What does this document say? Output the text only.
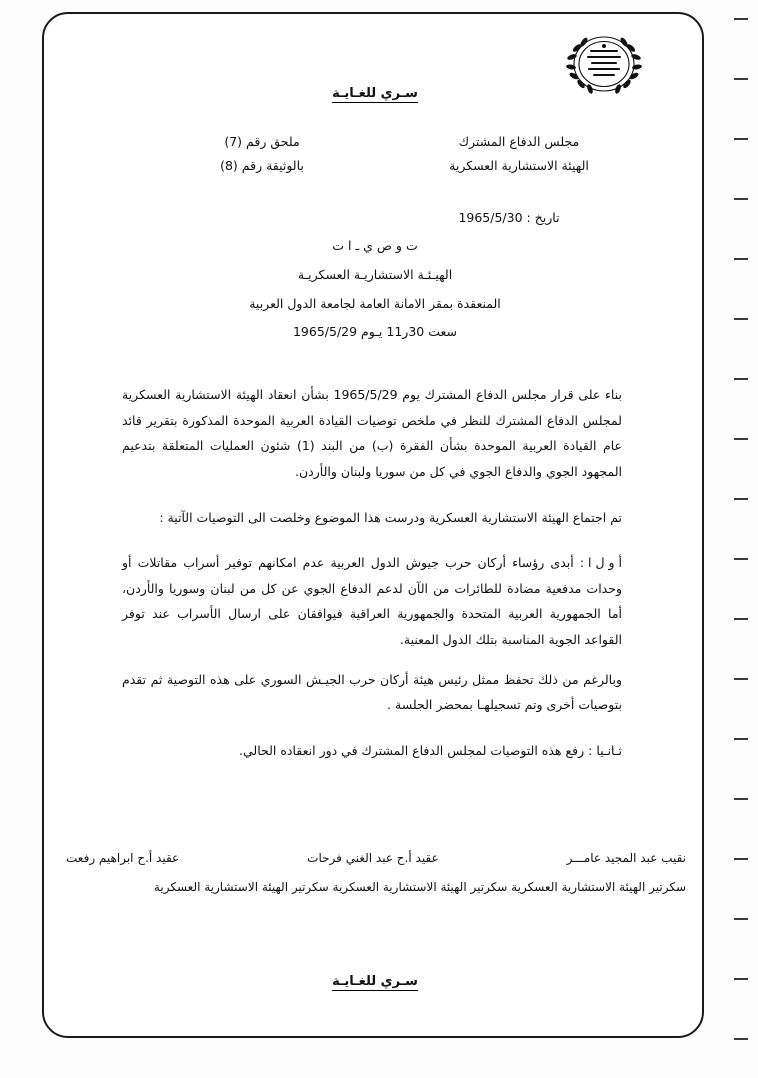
سـري للغـايـة
مجلس الدفاع المشترك
الهيئة الاستشارية العسكرية
ملحق رقم (7)
بالوثيقة رقم (8)
تاريخ : 1965/5/30
ت و ص ي ـ ا ت
الهيـئـة الاستشاريـة العسكريـة
المنعقدة بمقر الامانة العامة لجامعة الدول العربية
سعت 30ر11 يـوم 1965/5/29

بناء على قرار مجلس الدفاع المشترك يوم 1965/5/29 بشأن انعقاد الهيئة الاستشارية العسكرية لمجلس الدفاع المشترك للنظر في ملخص توصيات القيادة العربية الموحدة المذكورة بتقرير قائد عام القيادة العربية الموحدة بشأن الفقرة (ب) من البند (1) شئون العمليات المتعلقة بتدعيم المجهود الجوي والدفاع الجوي في كل من سوريا ولبنان والأردن.

تم اجتماع الهيئة الاستشارية العسكرية ودرست هذا الموضوع وخلصت الى التوصيات الآتية :

أ و ل ا : أبدى رؤساء أركان حرب جيوش الدول العربية عدم امكانهم توفير أسراب مقاتلات أو وحدات مدفعية مضادة للطائرات من الآن لدعم الدفاع الجوي عن كل من لبنان وسوريا والأردن، أما الجمهورية العربية المتحدة والجمهورية العراقية فيوافقان على ارسال الأسراب عند توفر القواعد الجوية المناسبة بتلك الدول المعنية.

وبالرغم من ذلك تحفظ ممثل رئيس هيئة أركان حرب الجيـش السوري على هذه التوصية ثم تقدم بتوصيات أخرى وتم تسجيلهـا بمحضر الجلسة .

ثـانـيا : رفع هذه التوصيات لمجلس الدفاع المشترك في دور انعقاده الحالي.

نقيب عبد المجيد عامـــر
عقيد أ.ح عبد الغني فرحات
عقيد أ.ح ابراهيم رفعت
سكرتير الهيئة الاستشارية العسكرية سكرتير الهيئة الاستشارية العسكرية سكرتير الهيئة الاستشارية العسكرية
سـري للغـايـة
